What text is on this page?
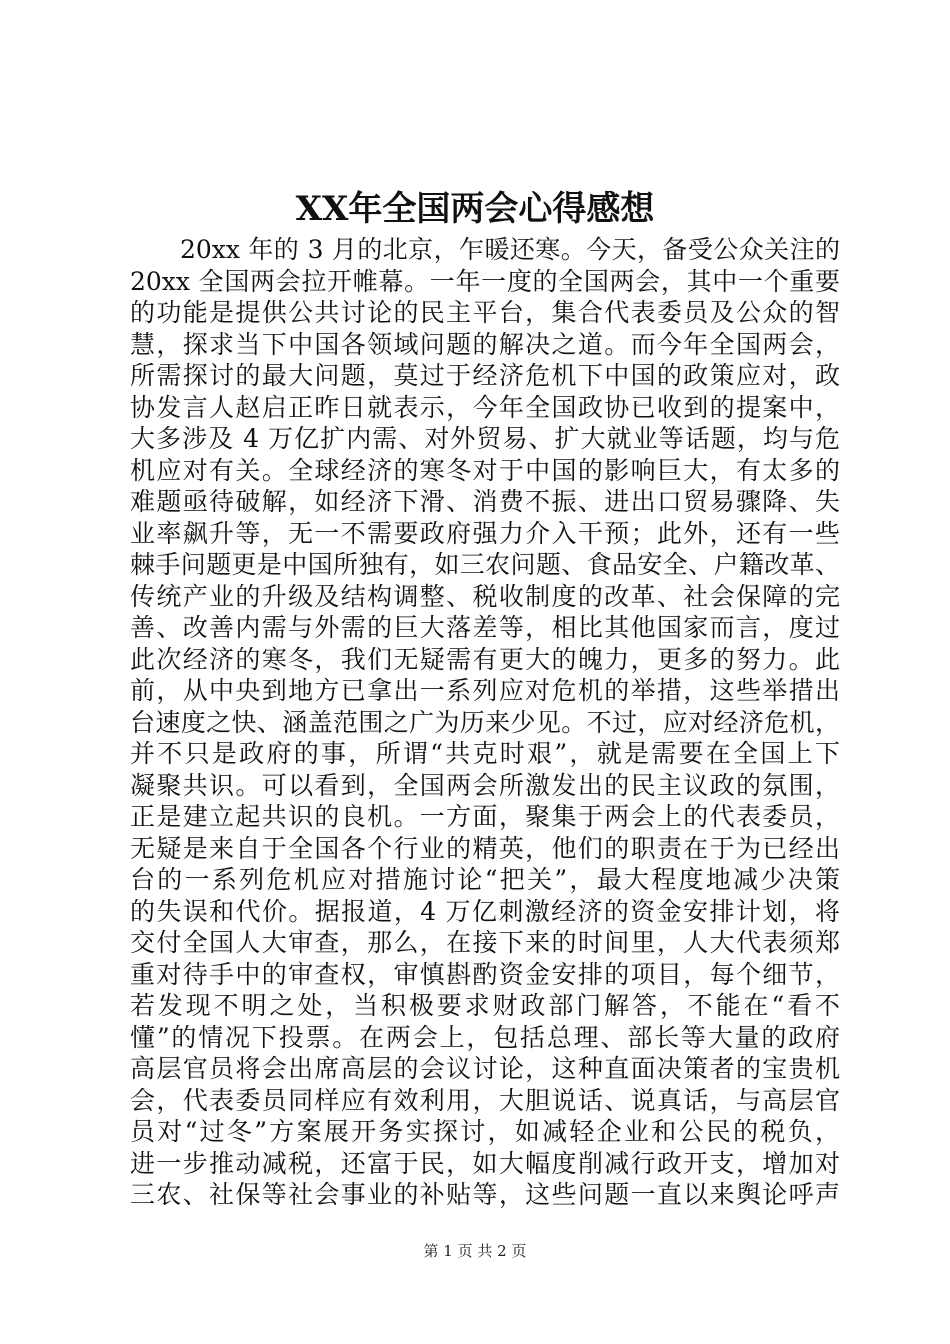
XX年全国两会心得感想
20xx 年的 3 月的北京，乍暖还寒。今天，备受公众关注的
20xx 全国两会拉开帷幕。一年一度的全国两会，其中一个重要
的功能是提供公共讨论的民主平台，集合代表委员及公众的智
慧，探求当下中国各领域问题的解决之道。而今年全国两会，
所需探讨的最大问题，莫过于经济危机下中国的政策应对，政
协发言人赵启正昨日就表示，今年全国政协已收到的提案中，
大多涉及 4 万亿扩内需、对外贸易、扩大就业等话题，均与危
机应对有关。全球经济的寒冬对于中国的影响巨大，有太多的
难题亟待破解，如经济下滑、消费不振、进出口贸易骤降、失
业率飙升等，无一不需要政府强力介入干预；此外，还有一些
棘手问题更是中国所独有，如三农问题、食品安全、户籍改革、
传统产业的升级及结构调整、税收制度的改革、社会保障的完
善、改善内需与外需的巨大落差等，相比其他国家而言，度过
此次经济的寒冬，我们无疑需有更大的魄力，更多的努力。此
前，从中央到地方已拿出一系列应对危机的举措，这些举措出
台速度之快、涵盖范围之广为历来少见。不过，应对经济危机，
并不只是政府的事，所谓“共克时艰”，就是需要在全国上下
凝聚共识。可以看到，全国两会所激发出的民主议政的氛围，
正是建立起共识的良机。一方面，聚集于两会上的代表委员，
无疑是来自于全国各个行业的精英，他们的职责在于为已经出
台的一系列危机应对措施讨论“把关”，最大程度地减少决策
的失误和代价。据报道，4 万亿刺激经济的资金安排计划，将
交付全国人大审查，那么，在接下来的时间里，人大代表须郑
重对待手中的审查权，审慎斟酌资金安排的项目，每个细节，
若发现不明之处，当积极要求财政部门解答，不能在“看不
懂”的情况下投票。在两会上，包括总理、部长等大量的政府
高层官员将会出席高层的会议讨论，这种直面决策者的宝贵机
会，代表委员同样应有效利用，大胆说话、说真话，与高层官
员对“过冬”方案展开务实探讨，如减轻企业和公民的税负，
进一步推动减税，还富于民，如大幅度削减行政开支，增加对
三农、社保等社会事业的补贴等，这些问题一直以来舆论呼声
第 1 页 共 2 页
